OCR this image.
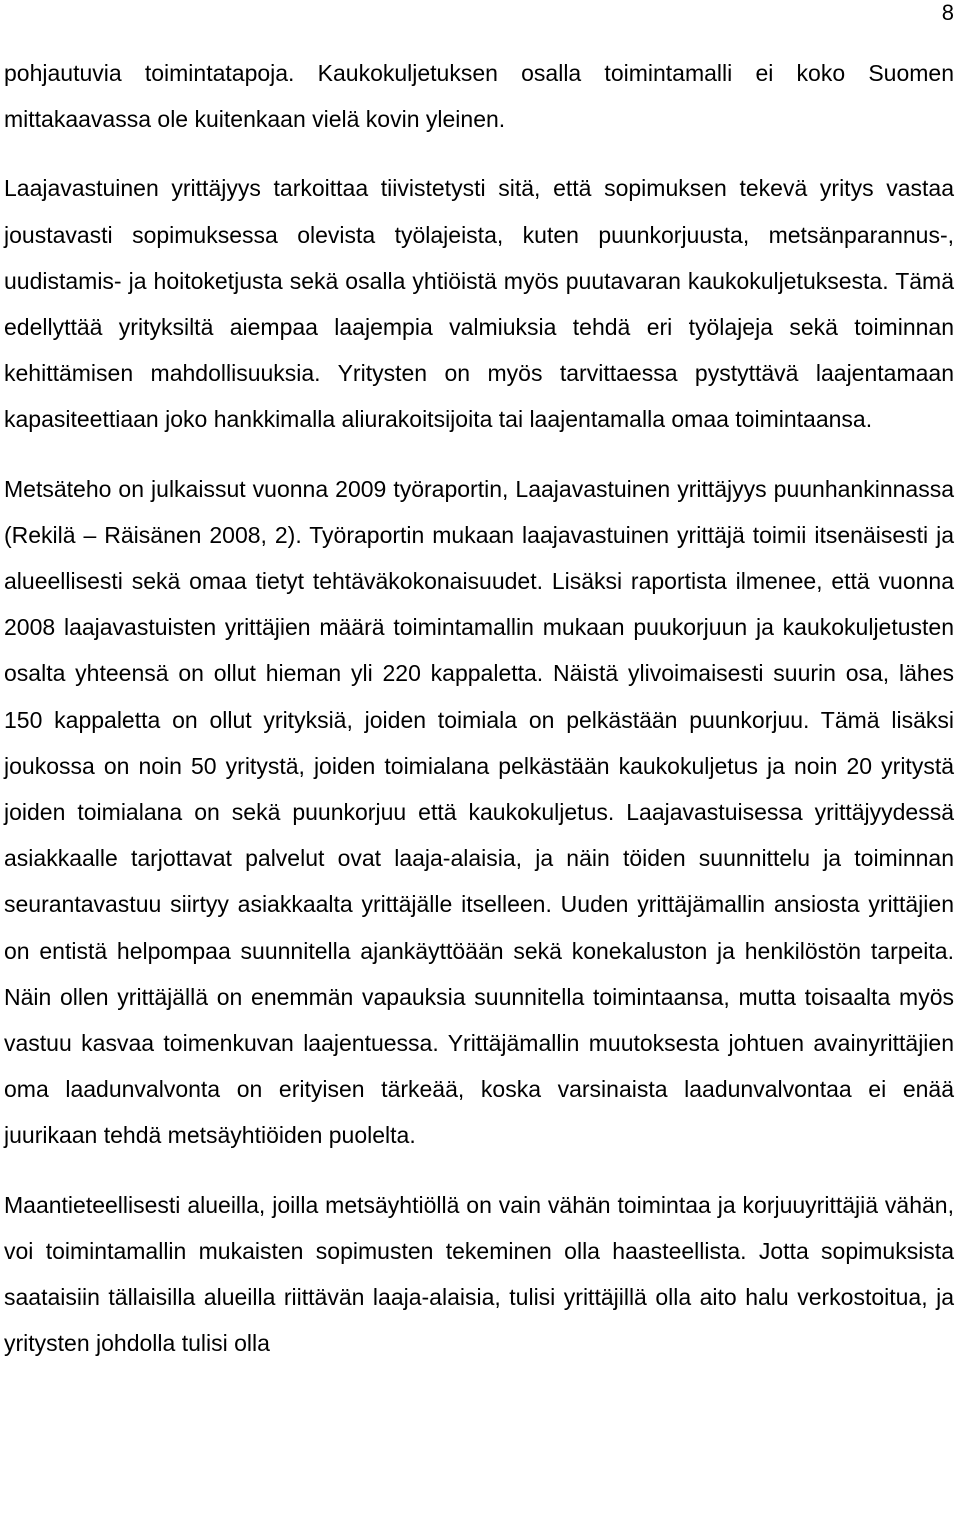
8

pohjautuvia toimintatapoja. Kaukokuljetuksen osalla toimintamalli ei koko Suomen mittakaavassa ole kuitenkaan vielä kovin yleinen.

Laajavastuinen yrittäjyys tarkoittaa tiivistetysti sitä, että sopimuksen tekevä yritys vastaa joustavasti sopimuksessa olevista työlajeista, kuten puunkorjuusta, metsänparannus-, uudistamis- ja hoitoketjusta sekä osalla yhtiöistä myös puutavaran kaukokuljetuksesta. Tämä edellyttää yrityksiltä aiempaa laajempia valmiuksia tehdä eri työlajeja sekä toiminnan kehittämisen mahdollisuuksia. Yritysten on myös tarvittaessa pystyttävä laajentamaan kapasiteettiaan joko hankkimalla aliurakoitsijoita tai laajentamalla omaa toimintaansa.

Metsäteho on julkaissut vuonna 2009 työraportin, Laajavastuinen yrittäjyys puunhankinnassa (Rekilä – Räisänen 2008, 2). Työraportin mukaan laajavastuinen yrittäjä toimii itsenäisesti ja alueellisesti sekä omaa tietyt tehtäväkokonaisuudet. Lisäksi raportista ilmenee, että vuonna 2008 laajavastuisten yrittäjien määrä toimintamallin mukaan puukorjuun ja kaukokuljetusten osalta yhteensä on ollut hieman yli 220 kappaletta. Näistä ylivoimaisesti suurin osa, lähes 150 kappaletta on ollut yrityksiä, joiden toimiala on pelkästään puunkorjuu. Tämä lisäksi joukossa on noin 50 yritystä, joiden toimialana pelkästään kaukokuljetus ja noin 20 yritystä joiden toimialana on sekä puunkorjuu että kaukokuljetus. Laajavastuisessa yrittäjyydessä asiakkaalle tarjottavat palvelut ovat laaja-alaisia, ja näin töiden suunnittelu ja toiminnan seurantavastuu siirtyy asiakkaalta yrittäjälle itselleen. Uuden yrittäjämallin ansiosta yrittäjien on entistä helpompaa suunnitella ajankäyttöään sekä konekaluston ja henkilöstön tarpeita. Näin ollen yrittäjällä on enemmän vapauksia suunnitella toimintaansa, mutta toisaalta myös vastuu kasvaa toimenkuvan laajentuessa. Yrittäjämallin muutoksesta johtuen avainyrittäjien oma laadunvalvonta on erityisen tärkeää, koska varsinaista laadunvalvontaa ei enää juurikaan tehdä metsäyhtiöiden puolelta.

Maantieteellisesti alueilla, joilla metsäyhtiöllä on vain vähän toimintaa ja korjuuyrittäjiä vähän, voi toimintamallin mukaisten sopimusten tekeminen olla haasteellista. Jotta sopimuksista saataisiin tällaisilla alueilla riittävän laaja-alaisia, tulisi yrittäjillä olla aito halu verkostoitua, ja yritysten johdolla tulisi olla
